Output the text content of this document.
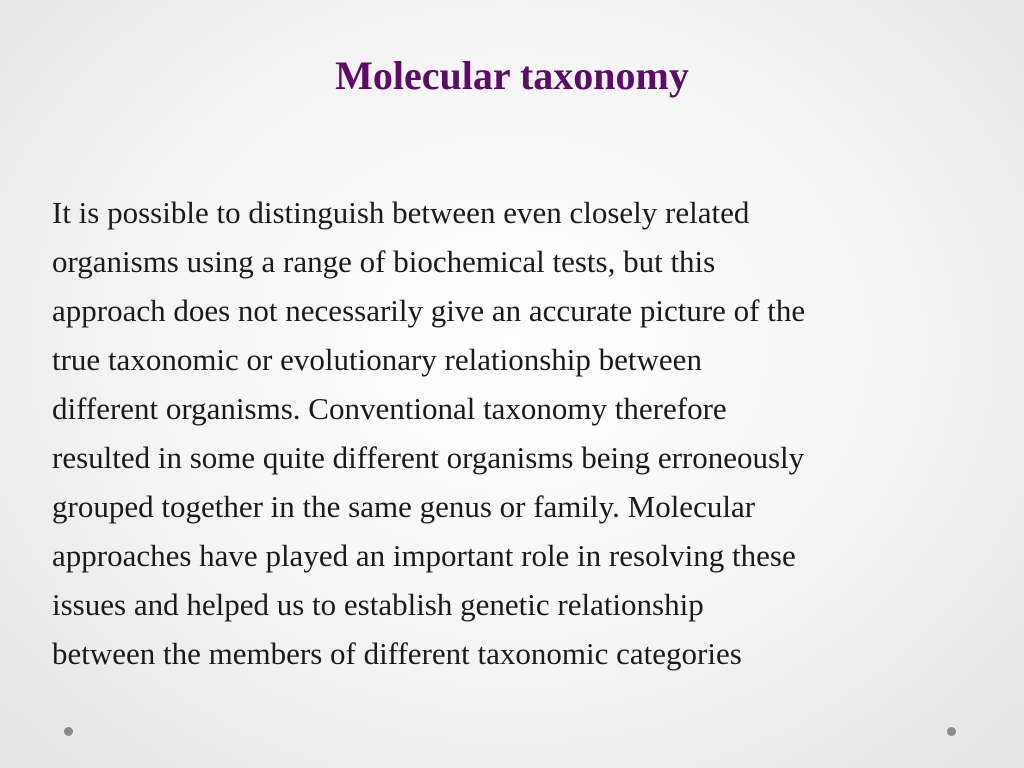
Molecular taxonomy

It is possible to distinguish between even closely related
organisms using a range of biochemical tests, but this
approach does not necessarily give an accurate picture of the
true taxonomic or evolutionary relationship between
different organisms. Conventional taxonomy therefore
resulted in some quite different organisms being erroneously
grouped together in the same genus or family. Molecular
approaches have played an important role in resolving these
issues and helped us to establish genetic relationship
between the members of different taxonomic categories
